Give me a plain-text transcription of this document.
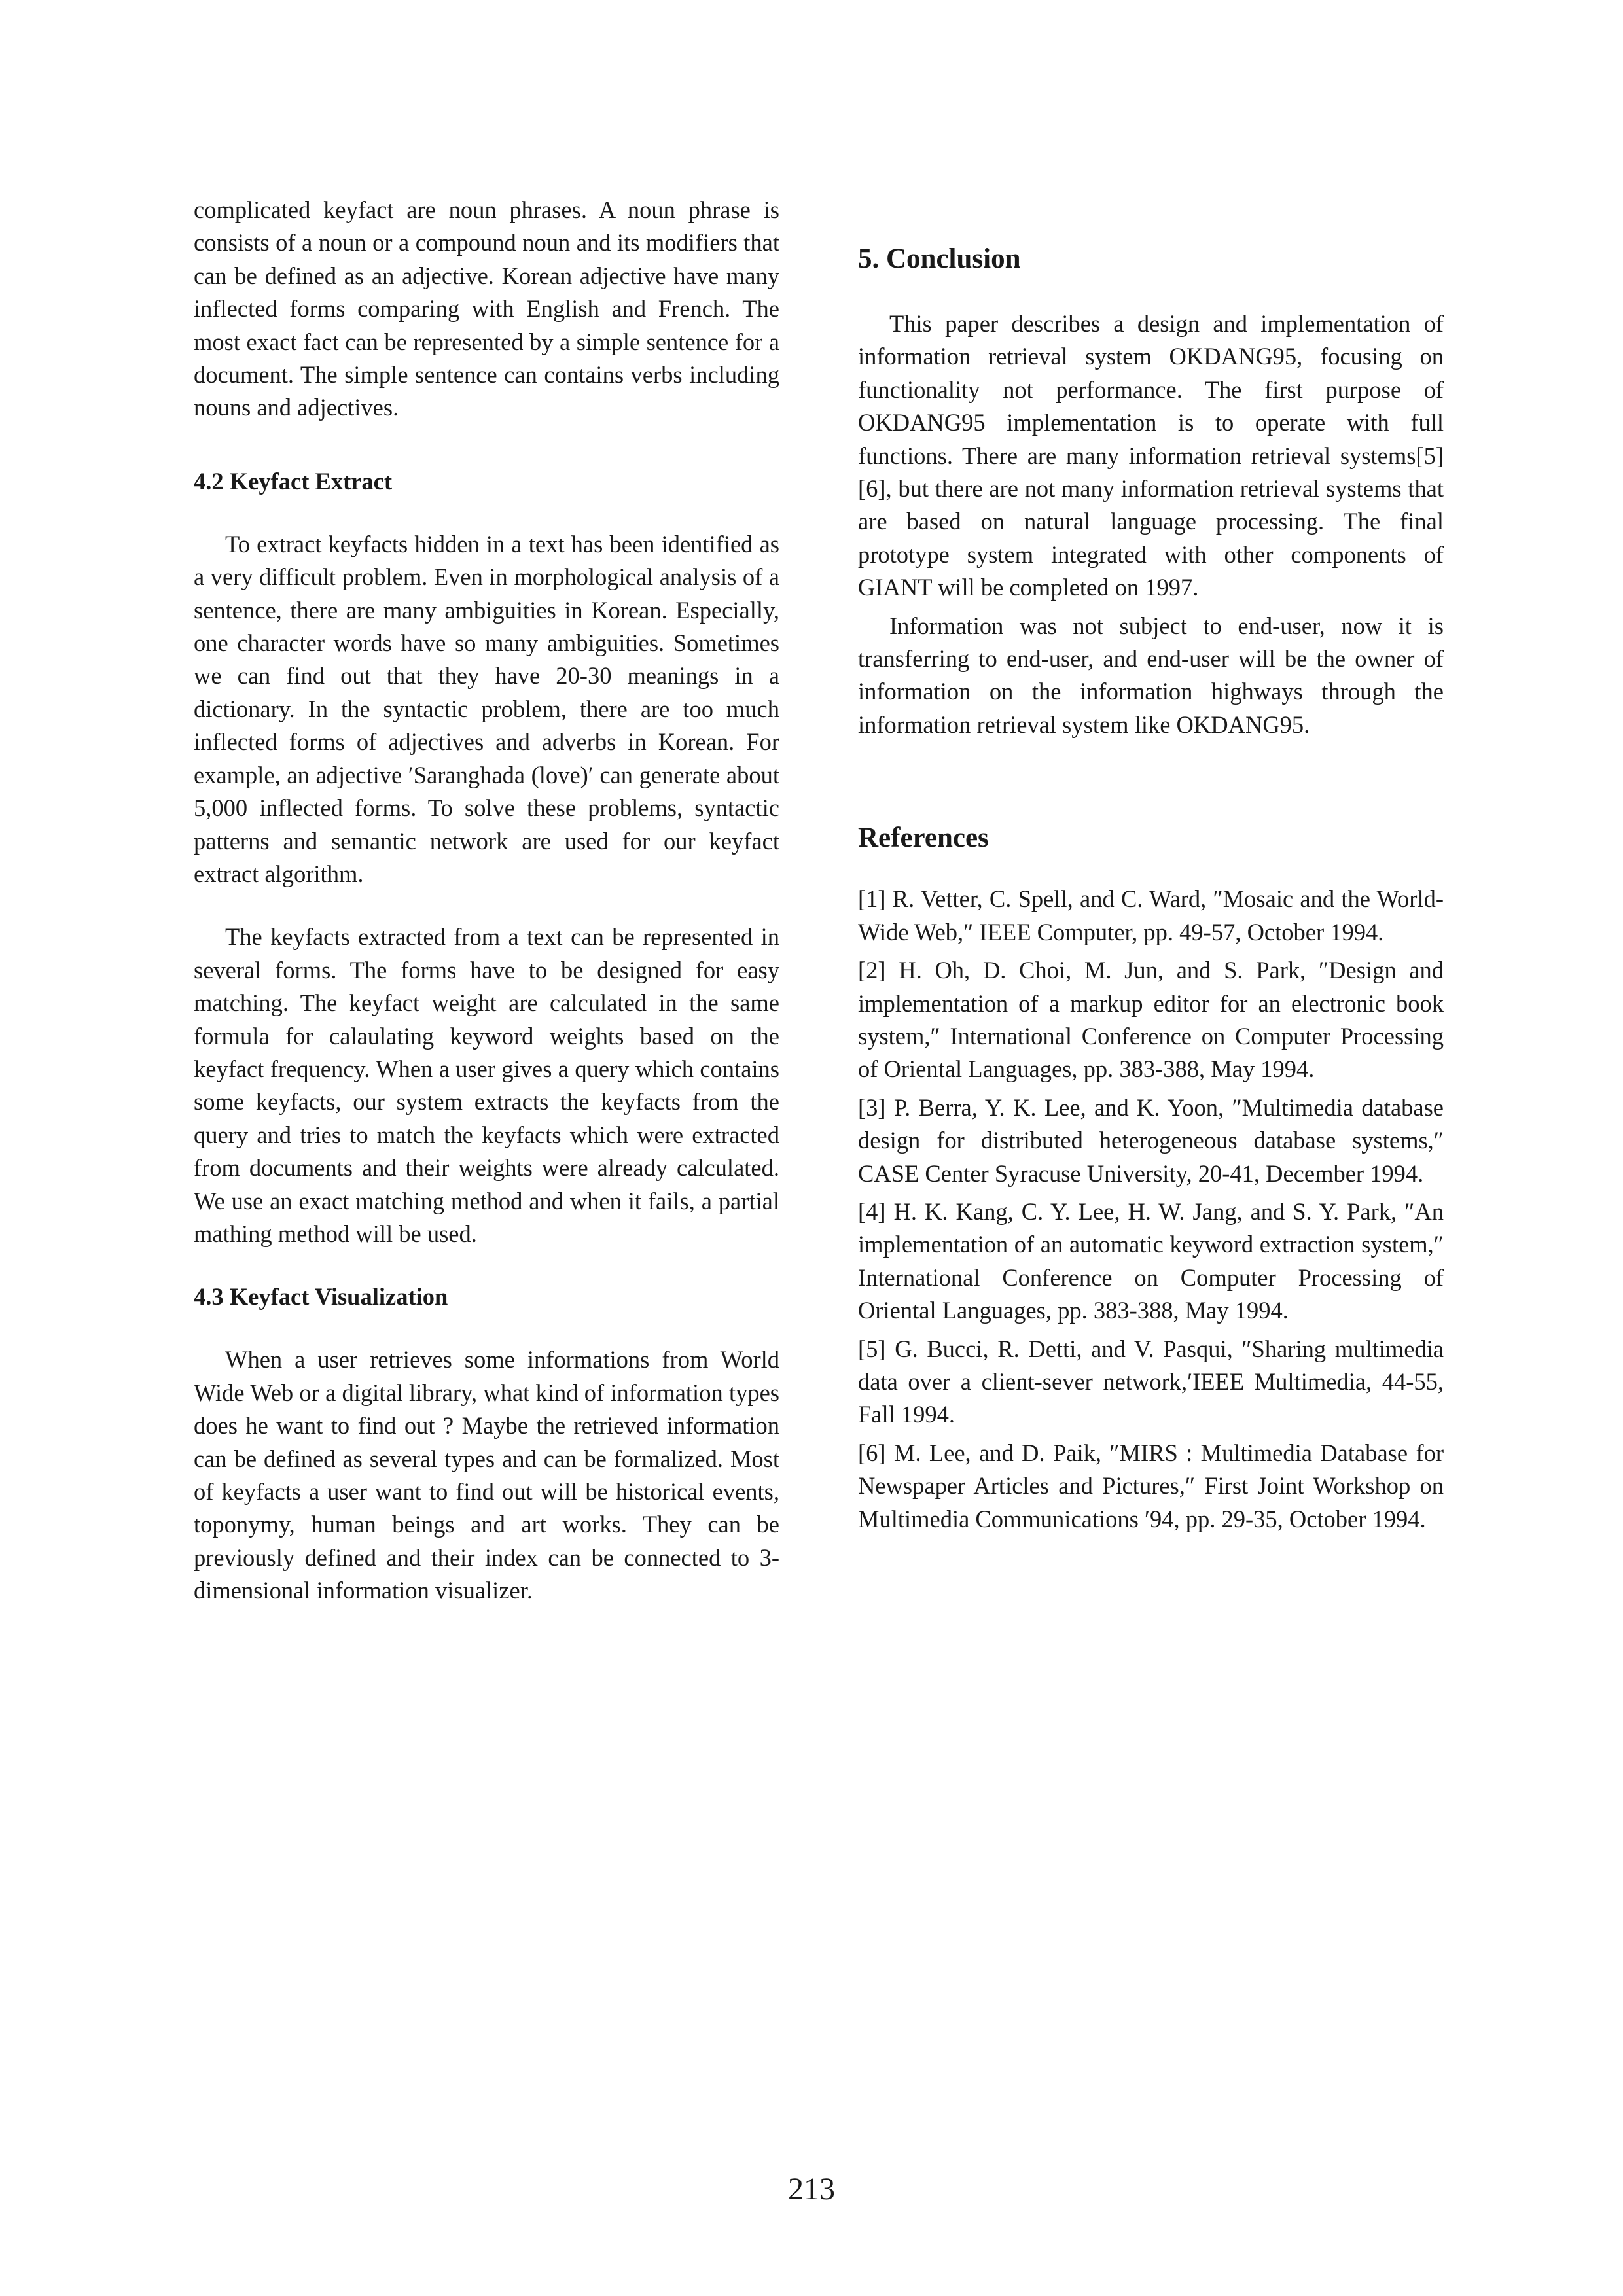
complicated keyfact are noun phrases. A noun phrase is consists of a noun or a compound noun and its modifiers that can be defined as an adjective. Korean adjective have many inflected forms comparing with English and French. The most exact fact can be represented by a simple sentence for a document. The simple sentence can contains verbs including nouns and adjectives.

4.2 Keyfact Extract

To extract keyfacts hidden in a text has been identified as a very difficult problem. Even in morphological analysis of a sentence, there are many ambiguities in Korean. Especially, one character words have so many ambiguities. Sometimes we can find out that they have 20-30 meanings in a dictionary. In the syntactic problem, there are too much inflected forms of adjectives and adverbs in Korean. For example, an adjective ′Saranghada (love)′ can generate about 5,000 inflected forms. To solve these problems, syntactic patterns and semantic network are used for our keyfact extract algorithm.

The keyfacts extracted from a text can be represented in several forms. The forms have to be designed for easy matching. The keyfact weight are calculated in the same formula for calaulating keyword weights based on the keyfact frequency. When a user gives a query which contains some keyfacts, our system extracts the keyfacts from the query and tries to match the keyfacts which were extracted from documents and their weights were already calculated. We use an exact matching method and when it fails, a partial mathing method will be used.

4.3 Keyfact Visualization

When a user retrieves some informations from World Wide Web or a digital library, what kind of information types does he want to find out ? Maybe the retrieved information can be defined as several types and can be formalized. Most of keyfacts a user want to find out will be historical events, toponymy, human beings and art works. They can be previously defined and their index can be connected to 3-dimensional information visualizer.

5. Conclusion

This paper describes a design and implementation of information retrieval system OKDANG95, focusing on functionality not performance. The first purpose of OKDANG95 implementation is to operate with full functions. There are many information retrieval systems[5][6], but there are not many information retrieval systems that are based on natural language processing. The final prototype system integrated with other components of GIANT will be completed on 1997.

Information was not subject to end-user, now it is transferring to end-user, and end-user will be the owner of information on the information highways through the information retrieval system like OKDANG95.

References

[1] R. Vetter, C. Spell, and C. Ward, ″Mosaic and the World-Wide Web,″ IEEE Computer, pp. 49-57, October 1994.

[2] H. Oh, D. Choi, M. Jun, and S. Park, ″Design and implementation of a markup editor for an electronic book system,″ International Conference on Computer Processing of Oriental Languages, pp. 383-388, May 1994.

[3] P. Berra, Y. K. Lee, and K. Yoon, ″Multimedia database design for distributed heterogeneous database systems,″ CASE Center Syracuse University, 20-41, December 1994.

[4] H. K. Kang, C. Y. Lee, H. W. Jang, and S. Y. Park, ″An implementation of an automatic keyword extraction system,″ International Conference on Computer Processing of Oriental Languages, pp. 383-388, May 1994.

[5] G. Bucci, R. Detti, and V. Pasqui, ″Sharing multimedia data over a client-sever network,′IEEE Multimedia, 44-55, Fall 1994.

[6] M. Lee, and D. Paik, ″MIRS : Multimedia Database for Newspaper Articles and Pictures,″ First Joint Workshop on Multimedia Communications ′94, pp. 29-35, October 1994.

213
